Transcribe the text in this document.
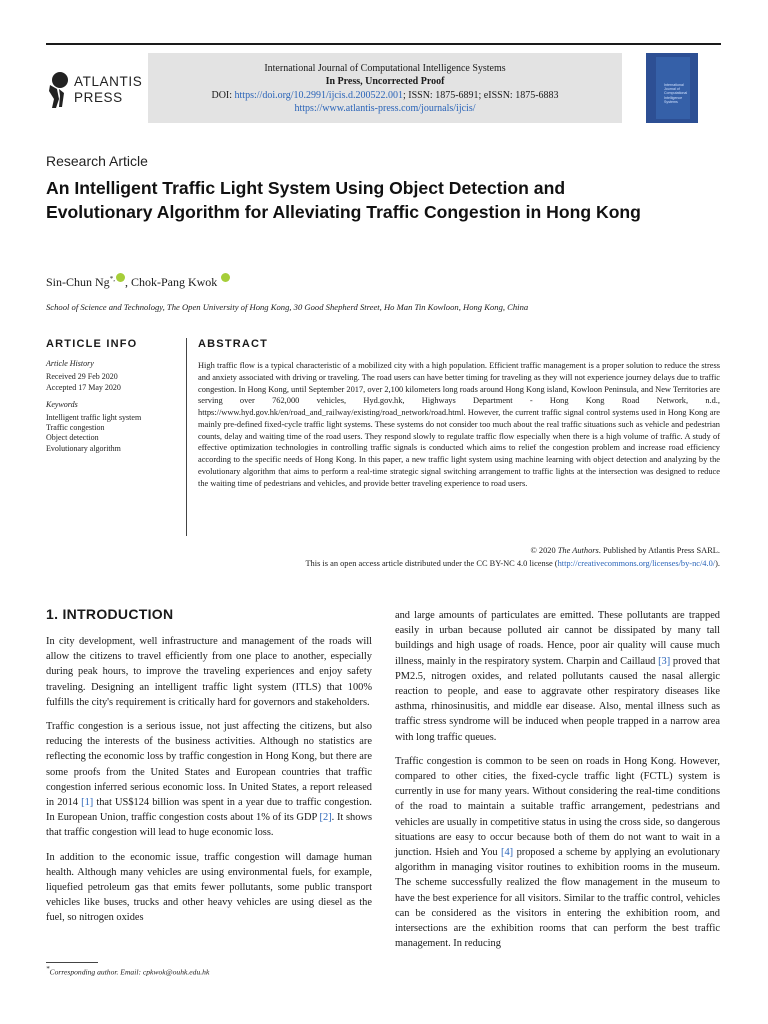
ATLANTIS
PRESS
International Journal of Computational Intelligence Systems
In Press, Uncorrected Proof
DOI: https://doi.org/10.2991/ijcis.d.200522.001; ISSN: 1875-6891; eISSN: 1875-6883
https://www.atlantis-press.com/journals/ijcis/
International
Journal of
Computational
Intelligence
Systems
Research Article
An Intelligent Traffic Light System Using Object Detection and Evolutionary Algorithm for Alleviating Traffic Congestion in Hong Kong
Sin-Chun Ng*, , Chok-Pang Kwok
School of Science and Technology, The Open University of Hong Kong, 30 Good Shepherd Street, Ho Man Tin Kowloon, Hong Kong, China
ARTICLE INFO
Article History
Received 29 Feb 2020
Accepted 17 May 2020
Keywords
Intelligent traffic light system
Traffic congestion
Object detection
Evolutionary algorithm
ABSTRACT

High traffic flow is a typical characteristic of a mobilized city with a high population. Efficient traffic management is a proper solution to reduce the stress and anxiety associated with driving or traveling. The road users can have better timing for traveling as they will not experience journey delays due to traffic congestion. In Hong Kong, until September 2017, over 2,100 kilometers long roads around Hong Kong island, Kowloon Peninsula, and New Territories are serving over 762,000 vehicles, Hyd.gov.hk, Highways Department - Hong Kong Road Network, n.d., https://www.hyd.gov.hk/en/road_and_railway/existing/road_network/road.html. However, the current traffic signal control systems used in Hong Kong are mainly pre-defined fixed-cycle traffic light systems. These systems do not consider too much about the real traffic situations such as vehicle and pedestrian counts, delay and waiting time of the road users. They respond slowly to regulate traffic flow especially when there is a high volume of traffic. A study of effective optimization technologies in controlling traffic signals is conducted which aims to relief the congestion problem and increase road efficiency according to the specific needs of Hong Kong. In this paper, a new traffic light system using machine learning with object detection and analyzing by the evolutionary algorithm that aims to perform a real-time strategic signal switching arrangement to traffic lights at the intersection was designed to reduce the waiting time of pedestrians and vehicles, and provide better traveling experience to road users.

© 2020 The Authors. Published by Atlantis Press SARL.
This is an open access article distributed under the CC BY-NC 4.0 license (http://creativecommons.org/licenses/by-nc/4.0/).
1. INTRODUCTION

In city development, well infrastructure and management of the roads will allow the citizens to travel efficiently from one place to another, especially during peak hours, to improve the traveling experiences and enjoy safety traveling. Designing an intelligent traffic light system (ITLS) that 100% fulfills the city's requirement is critically hard for governors and stakeholders.

Traffic congestion is a serious issue, not just affecting the citizens, but also reducing the interests of the business activities. Although no statistics are reflecting the economic loss by traffic congestion in Hong Kong, but there are some proofs from the United States and European countries that traffic congestion inferred serious economic loss. In United States, a report released in 2014 [1] that US$124 billion was spent in a year due to traffic congestion. In European Union, traffic congestion costs about 1% of its GDP [2]. It shows that traffic congestion will lead to huge economic loss.

In addition to the economic issue, traffic congestion will damage human health. Although many vehicles are using environmental fuels, for example, liquefied petroleum gas that emits fewer pollutants, some public transport vehicles like buses, trucks and other heavy vehicles are using diesel as the fuel, so nitrogen oxides

and large amounts of particulates are emitted. These pollutants are trapped easily in urban because polluted air cannot be dissipated by many tall buildings and high usage of roads. Hence, poor air quality will cause much illness, mainly in the respiratory system. Charpin and Caillaud [3] proved that PM2.5, nitrogen oxides, and related pollutants caused the nasal allergic reaction to people, and ease to aggravate other respiratory diseases like asthma, rhinosinusitis, and middle ear disease. Also, mental illness such as traffic stress syndrome will be induced when people trapped in a narrow area with long traffic queues.

Traffic congestion is common to be seen on roads in Hong Kong. However, compared to other cities, the fixed-cycle traffic light (FCTL) system is currently in use for many years. Without considering the real-time conditions of the road to maintain a suitable traffic arrangement, pedestrians and vehicles are usually in competitive status in using the cross side, so dangerous situations are easy to occur because both of them do not want to wait in a junction. Hsieh and You [4] proposed a scheme by applying an evolutionary algorithm in managing visitor routines to exhibition rooms in the museum. The scheme successfully realized the flow management in the museum to have the best experience for all visitors. Similar to the traffic control, vehicles can be considered as the visitors in entering the exhibition room, and intersections are the exhibition rooms that can perform the best traffic management. In reducing

*Corresponding author. Email: cpkwok@ouhk.edu.hk
